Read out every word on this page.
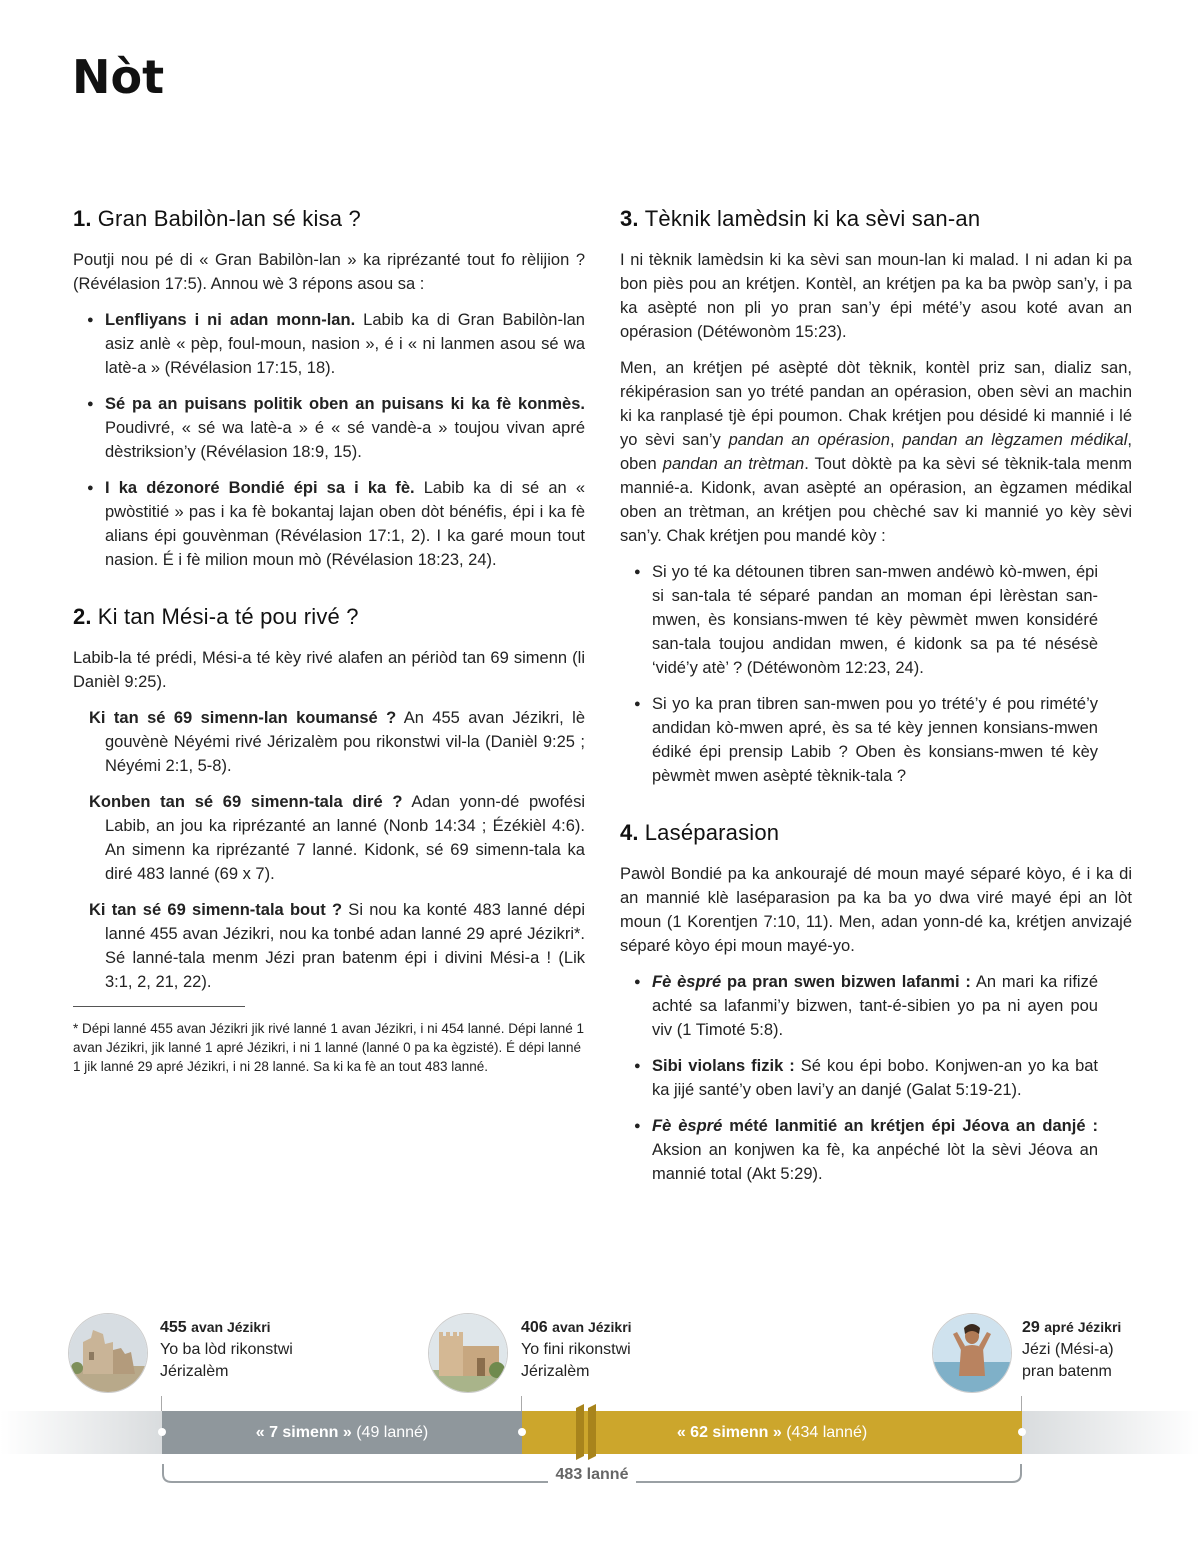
Nòt
1. Gran Babilòn-lan sé kisa ?

Poutji nou pé di « Gran Babilòn-lan » ka riprézanté tout fo rèlijion ? (Révélasion 17:5). Annou wè 3 répons asou sa :

● Lenfliyans i ni adan monn-lan. Labib ka di Gran Babilòn-lan asiz anlè « pèp, foul-moun, nasion », é i « ni lanmen asou sé wa latè-a » (Révélasion 17:15, 18).
● Sé pa an puisans politik oben an puisans ki ka fè konmès. Poudivré, « sé wa latè-a » é « sé vandè-a » toujou vivan apré dèstriksion’y (Révélasion 18:9, 15).
● I ka dézonoré Bondié épi sa i ka fè. Labib ka di sé an « pwòstitié » pas i ka fè bokantaj lajan oben dòt bénéfis, épi i ka fè alians épi gouvènman (Révélasion 17:1, 2). I ka garé moun tout nasion. É i fè milion moun mò (Révélasion 18:23, 24).
2. Ki tan Mési-a té pou rivé ?

Labib-la té prédi, Mési-a té kèy rivé alafen an périòd tan 69 simenn (li Danièl 9:25).

Ki tan sé 69 simenn-lan koumansé ? An 455 avan Jézikri, lè gouvènè Néyémi rivé Jérizalèm pou rikonstwi vil-la (Danièl 9:25 ; Néyémi 2:1, 5-8).

Konben tan sé 69 simenn-tala diré ? Adan yonn-dé pwofési Labib, an jou ka riprézanté an lanné (Nonb 14:34 ; Ézékièl 4:6). An simenn ka riprézanté 7 lanné. Kidonk, sé 69 simenn-tala ka diré 483 lanné (69 x 7).

Ki tan sé 69 simenn-tala bout ? Si nou ka konté 483 lanné dépi lanné 455 avan Jézikri, nou ka tonbé adan lanné 29 apré Jézikri*. Sé lanné-tala menm Jézi pran batenm épi i divini Mési-a ! (Lik 3:1, 2, 21, 22).

* Dépi lanné 455 avan Jézikri jik rivé lanné 1 avan Jézikri, i ni 454 lanné. Dépi lanné 1 avan Jézikri, jik lanné 1 apré Jézikri, i ni 1 lanné (lanné 0 pa ka ègzisté). É dépi lanné 1 jik lanné 29 apré Jézikri, i ni 28 lanné. Sa ki ka fè an tout 483 lanné.

3. Tèknik lamèdsin ki ka sèvi san-an

I ni tèknik lamèdsin ki ka sèvi san moun-lan ki malad. I ni adan ki pa bon piès pou an krétjen. Kontèl, an krétjen pa ka ba pwòp san’y, i pa ka asèpté non pli yo pran san’y épi mété’y asou koté avan an opérasion (Détéwonòm 15:23).

Men, an krétjen pé asèpté dòt tèknik, kontèl priz san, dializ san, rékipérasion san yo trété pandan an opérasion, oben sèvi an machin ki ka ranplasé tjè épi poumon. Chak krétjen pou désidé ki mannié i lé yo sèvi san’y pandan an opérasion, pandan an lègzamen médikal, oben pandan an trètman. Tout dòktè pa ka sèvi sé tèknik-tala menm mannié-a. Kidonk, avan asèpté an opérasion, an ègzamen médikal oben an trètman, an krétjen pou chèché sav ki mannié yo kèy sèvi san’y. Chak krétjen pou mandé kòy :

● Si yo té ka détounen tibren san-mwen andéwò kò-mwen, épi si san-tala té séparé pandan an moman épi lèrèstan san-mwen, ès konsians-mwen té kèy pèwmèt mwen konsidéré san-tala toujou andidan mwen, é kidonk sa pa té nésésè ‘vidé’y atè’ ? (Détéwonòm 12:23, 24).
● Si yo ka pran tibren san-mwen pou yo trété’y é pou rimété’y andidan kò-mwen apré, ès sa té kèy jennen konsians-mwen édiké épi prensip Labib ? Oben ès konsians-mwen té kèy pèwmèt mwen asèpté tèknik-tala ?
4. Laséparasion

Pawòl Bondié pa ka ankourajé dé moun mayé séparé kòyo, é i ka di an mannié klè laséparasion pa ka ba yo dwa viré mayé épi an lòt moun (1 Korentjen 7:10, 11). Men, adan yonn-dé ka, krétjen anvizajé séparé kòyo épi moun mayé-yo.

● Fè èspré pa pran swen bizwen lafanmi : An mari ka rifizé achté sa lafanmi’y bizwen, tant-é-sibien yo pa ni ayen pou viv (1 Timoté 5:8).
● Sibi violans fizik : Sé kou épi bobo. Konjwen-an yo ka bat ka jijé santé’y oben lavi’y an danjé (Galat 5:19-21).
● Fè èspré mété lanmitié an krétjen épi Jéova an danjé : Aksion an konjwen ka fè, ka anpéché lòt la sèvi Jéova an mannié total (Akt 5:29).
455 avan Jézikri
Yo ba lòd rikonstwi
Jérizalèm
406 avan Jézikri
Yo fini rikonstwi
Jérizalèm
29 apré Jézikri
Jézi (Mési-a)
pran batenm
« 7 simenn » (49 lanné)	« 62 simenn » (434 lanné)
483 lanné
